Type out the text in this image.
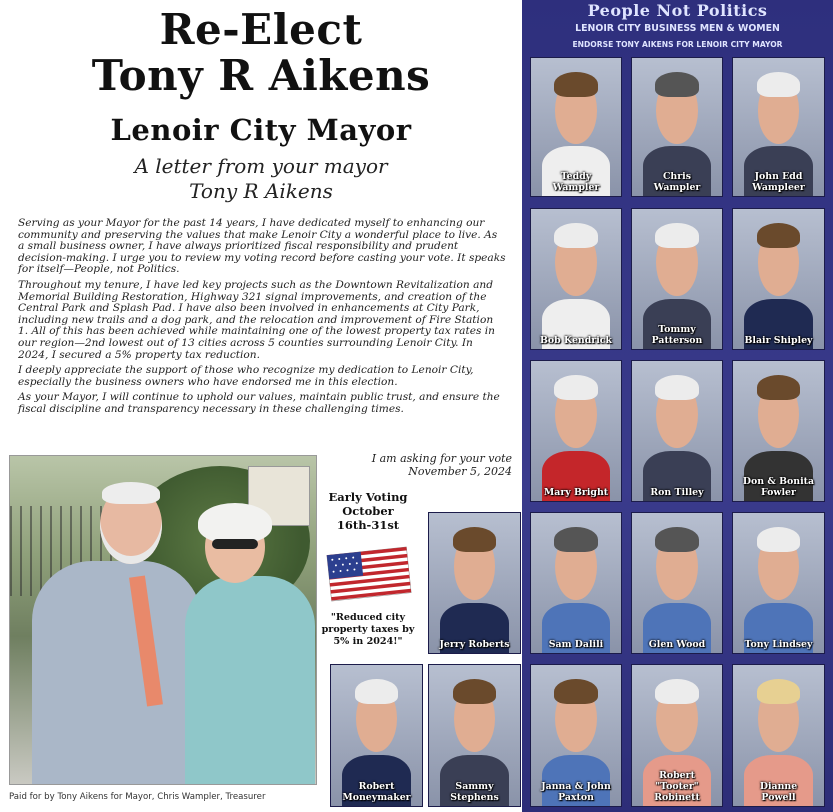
Re-Elect
Tony R Aikens
Lenoir City Mayor
A letter from your mayor
Tony R Aikens

Serving as your Mayor for the past 14 years, I have dedicated myself to enhancing our community and preserving the values that make Lenoir City a wonderful place to live. As a small business owner, I have always prioritized fiscal responsibility and prudent decision-making. I urge you to review my voting record before casting your vote. It speaks for itself—People, not Politics.

Throughout my tenure, I have led key projects such as the Downtown Revitalization and Memorial Building Restoration, Highway 321 signal improvements, and creation of the Central Park and Splash Pad. I have also been involved in enhancements at City Park, including new trails and a dog park, and the relocation and improvement of Fire Station 1. All of this has been achieved while maintaining one of the lowest property tax rates in our region—2nd lowest out of 13 cities across 5 counties surrounding Lenoir City. In 2024, I secured a 5% property tax reduction.

I deeply appreciate the support of those who recognize my dedication to Lenoir City, especially the business owners who have endorsed me in this election.

As your Mayor, I will continue to uphold our values, maintain public trust, and ensure the fiscal discipline and transparency necessary in these challenging times.

I am asking for your vote
November 5, 2024
Early Voting
October
16th-31st
"Reduced city
property taxes by
5% in 2024!"
Paid for by Tony Aikens for Mayor, Chris Wampler, Treasurer
People Not Politics
LENOIR CITY BUSINESS MEN & WOMEN
ENDORSE TONY AIKENS FOR LENOIR CITY MAYOR
Teddy
Wampler
Chris
Wampler
John Edd
Wampleer
Bob Kendrick
Tommy
Patterson	Blair Shipley
Mary Bright	Ron Tilley
Don & Bonita
Fowler
Jerry Roberts	Sam Dalili	Glen Wood	Tony Lindsey
Robert
Moneymaker
Sammy
Stephens
Janna & John
Paxton
Robert
"Tooter" Robinett
Dianne
Powell
